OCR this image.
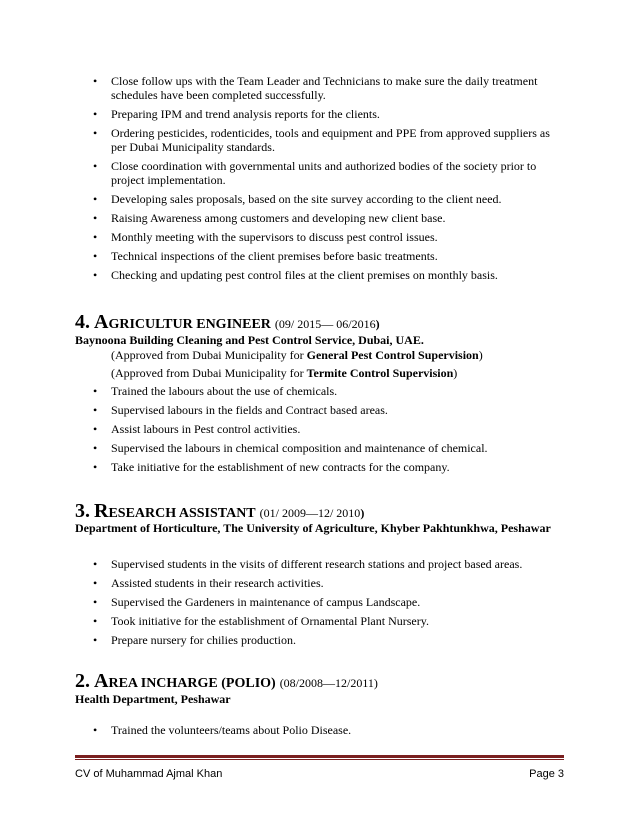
• Close follow ups with the Team Leader and Technicians to make sure the daily treatment schedules have been completed successfully.
• Preparing IPM and trend analysis reports for the clients.
• Ordering pesticides, rodenticides, tools and equipment and PPE from approved suppliers as per Dubai Municipality standards.
• Close coordination with governmental units and authorized bodies of the society prior to project implementation.
• Developing sales proposals, based on the site survey according to the client need.
• Raising Awareness among customers and developing new client base.
• Monthly meeting with the supervisors to discuss pest control issues.
• Technical inspections of the client premises before basic treatments.
• Checking and updating pest control files at the client premises on monthly basis.
4. AGRICULTUR ENGINEER (09/ 2015— 06/2016)
Baynoona Building Cleaning and Pest Control Service, Dubai, UAE.
(Approved from Dubai Municipality for General Pest Control Supervision)
(Approved from Dubai Municipality for Termite Control Supervision)
• Trained the labours about the use of chemicals.
• Supervised labours in the fields and Contract based areas.
• Assist labours in Pest control activities.
• Supervised the labours in chemical composition and maintenance of chemical.
• Take initiative for the establishment of new contracts for the company.
3. RESEARCH ASSISTANT (01/ 2009—12/ 2010)
Department of Horticulture, The University of Agriculture, Khyber Pakhtunkhwa, Peshawar
• Supervised students in the visits of different research stations and project based areas.
• Assisted students in their research activities.
• Supervised the Gardeners in maintenance of campus Landscape.
• Took initiative for the establishment of Ornamental Plant Nursery.
• Prepare nursery for chilies production.
2. AREA INCHARGE (POLIO) (08/2008—12/2011)
Health Department, Peshawar
• Trained the volunteers/teams about Polio Disease.
CV of Muhammad Ajmal Khan	Page 3
